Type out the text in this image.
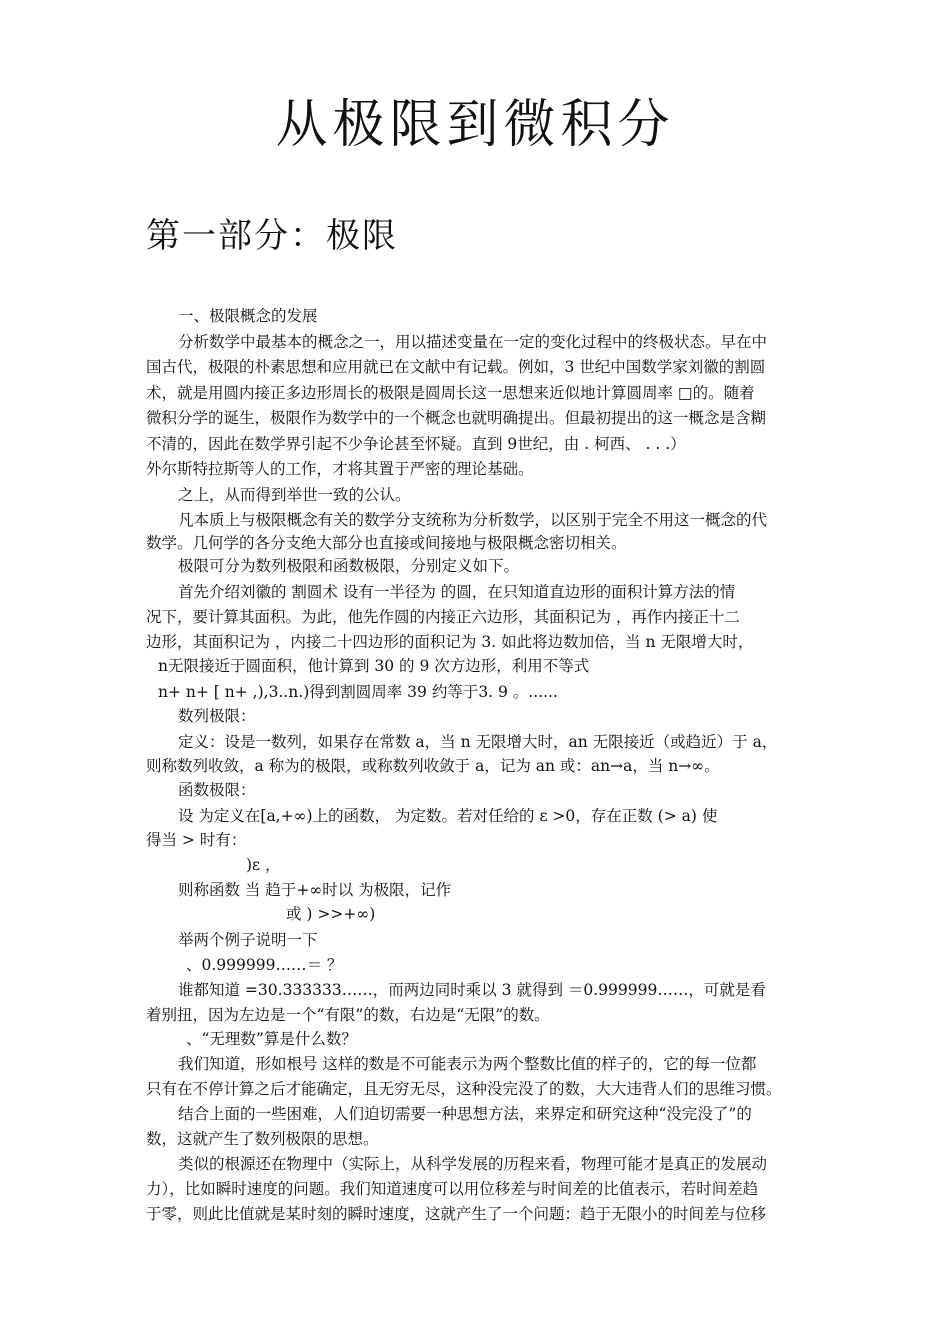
从极限到微积分
第一部分：极限
一、极限概念的发展
分析数学中最基本的概念之一，用以描述变量在一定的变化过程中的终极状态。早在中
国古代，极限的朴素思想和应用就已在文献中有记载。例如，3 世纪中国数学家刘徽的割圆
术，就是用圆内接正多边形周长的极限是圆周长这一思想来近似地计算圆周率 □的。随着
微积分学的诞生，极限作为数学中的一个概念也就明确提出。但最初提出的这一概念是含糊
不清的，因此在数学界引起不少争论甚至怀疑。直到 9世纪，由 . 柯西、 . . .）
外尔斯特拉斯等人的工作，才将其置于严密的理论基础。
之上，从而得到举世一致的公认。
凡本质上与极限概念有关的数学分支统称为分析数学，以区别于完全不用这一概念的代
数学。几何学的各分支绝大部分也直接或间接地与极限概念密切相关。
极限可分为数列极限和函数极限，分别定义如下。
首先介绍刘徽的 割圆术 设有一半径为 的圆，在只知道直边形的面积计算方法的情
况下，要计算其面积。为此，他先作圆的内接正六边形，其面积记为 ，再作内接正十二
边形，其面积记为 ，内接二十四边形的面积记为 3. 如此将边数加倍，当 n 无限增大时，
n无限接近于圆面积，他计算到 30 的 9 次方边形，利用不等式
n+ n+ [ n+ ,),3..n.)得到割圆周率 39 约等于3. 9 。......
数列极限：
定义：设是一数列，如果存在常数 a，当 n 无限增大时，an 无限接近（或趋近）于 a，
则称数列收敛，a 称为的极限，或称数列收敛于 a，记为 an 或：an→a，当 n→∞。
函数极限：
设 为定义在[a,+∞)上的函数， 为定数。若对任给的 ε >0，存在正数 (> a) 使
得当 > 时有：
)ε ，
则称函数 当 趋于+∞时以 为极限，记作
或 ) >>+∞)
举两个例子说明一下
、0.999999……＝ ？
谁都知道 =30.333333……，而两边同时乘以 3 就得到 ＝0.999999……，可就是看
着别扭，因为左边是一个“有限”的数，右边是“无限”的数。
、“无理数”算是什么数？
我们知道，形如根号 这样的数是不可能表示为两个整数比值的样子的，它的每一位都
只有在不停计算之后才能确定，且无穷无尽，这种没完没了的数，大大违背人们的思维习惯。
结合上面的一些困难，人们迫切需要一种思想方法，来界定和研究这种“没完没了”的
数，这就产生了数列极限的思想。
类似的根源还在物理中（实际上，从科学发展的历程来看，物理可能才是真正的发展动
力），比如瞬时速度的问题。我们知道速度可以用位移差与时间差的比值表示，若时间差趋
于零，则此比值就是某时刻的瞬时速度，这就产生了一个问题：趋于无限小的时间差与位移
